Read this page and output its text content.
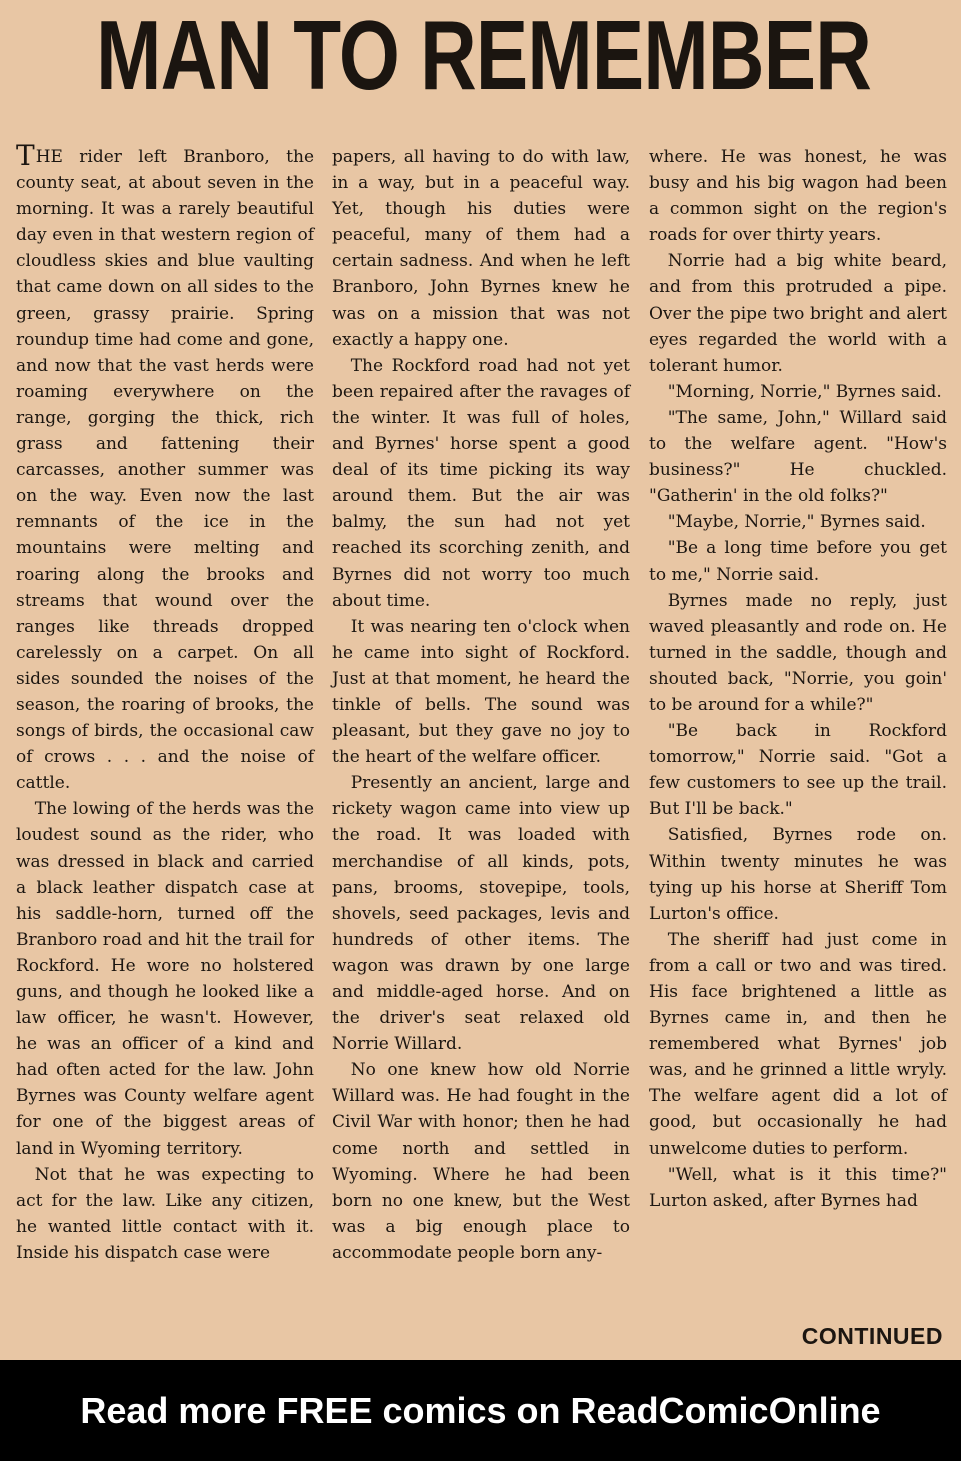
MAN TO REMEMBER

THE rider left Branboro, the county seat, at about seven in the morning. It was a rarely beautiful day even in that western region of cloudless skies and blue vaulting that came down on all sides to the green, grassy prairie. Spring roundup time had come and gone, and now that the vast herds were roaming everywhere on the range, gorging the thick, rich grass and fattening their carcasses, another summer was on the way. Even now the last remnants of the ice in the mountains were melting and roaring along the brooks and streams that wound over the ranges like threads dropped carelessly on a carpet. On all sides sounded the noises of the season, the roaring of brooks, the songs of birds, the occasional caw of crows . . . and the noise of cattle.

The lowing of the herds was the loudest sound as the rider, who was dressed in black and carried a black leather dispatch case at his saddle-horn, turned off the Branboro road and hit the trail for Rockford. He wore no holstered guns, and though he looked like a law officer, he wasn't. However, he was an officer of a kind and had often acted for the law. John Byrnes was County welfare agent for one of the biggest areas of land in Wyoming territory.

Not that he was expecting to act for the law. Like any citizen, he wanted little contact with it. Inside his dispatch case were

papers, all having to do with law, in a way, but in a peaceful way. Yet, though his duties were peaceful, many of them had a certain sadness. And when he left Branboro, John Byrnes knew he was on a mission that was not exactly a happy one.

The Rockford road had not yet been repaired after the ravages of the winter. It was full of holes, and Byrnes' horse spent a good deal of its time picking its way around them. But the air was balmy, the sun had not yet reached its scorching zenith, and Byrnes did not worry too much about time.

It was nearing ten o'clock when he came into sight of Rockford. Just at that moment, he heard the tinkle of bells. The sound was pleasant, but they gave no joy to the heart of the welfare officer.

Presently an ancient, large and rickety wagon came into view up the road. It was loaded with merchandise of all kinds, pots, pans, brooms, stovepipe, tools, shovels, seed packages, levis and hundreds of other items. The wagon was drawn by one large and middle-aged horse. And on the driver's seat relaxed old Norrie Willard.

No one knew how old Norrie Willard was. He had fought in the Civil War with honor; then he had come north and settled in Wyoming. Where he had been born no one knew, but the West was a big enough place to accommodate people born any-

where. He was honest, he was busy and his big wagon had been a common sight on the region's roads for over thirty years.

Norrie had a big white beard, and from this protruded a pipe. Over the pipe two bright and alert eyes regarded the world with a tolerant humor.

"Morning, Norrie," Byrnes said.

"The same, John," Willard said to the welfare agent. "How's business?" He chuckled. "Gatherin' in the old folks?"

"Maybe, Norrie," Byrnes said.

"Be a long time before you get to me," Norrie said.

Byrnes made no reply, just waved pleasantly and rode on. He turned in the saddle, though and shouted back, "Norrie, you goin' to be around for a while?"

"Be back in Rockford tomorrow," Norrie said. "Got a few customers to see up the trail. But I'll be back."

Satisfied, Byrnes rode on. Within twenty minutes he was tying up his horse at Sheriff Tom Lurton's office.

The sheriff had just come in from a call or two and was tired. His face brightened a little as Byrnes came in, and then he remembered what Byrnes' job was, and he grinned a little wryly. The welfare agent did a lot of good, but occasionally he had unwelcome duties to perform.

"Well, what is it this time?" Lurton asked, after Byrnes had

CONTINUED
Read more FREE comics on ReadComicOnline
